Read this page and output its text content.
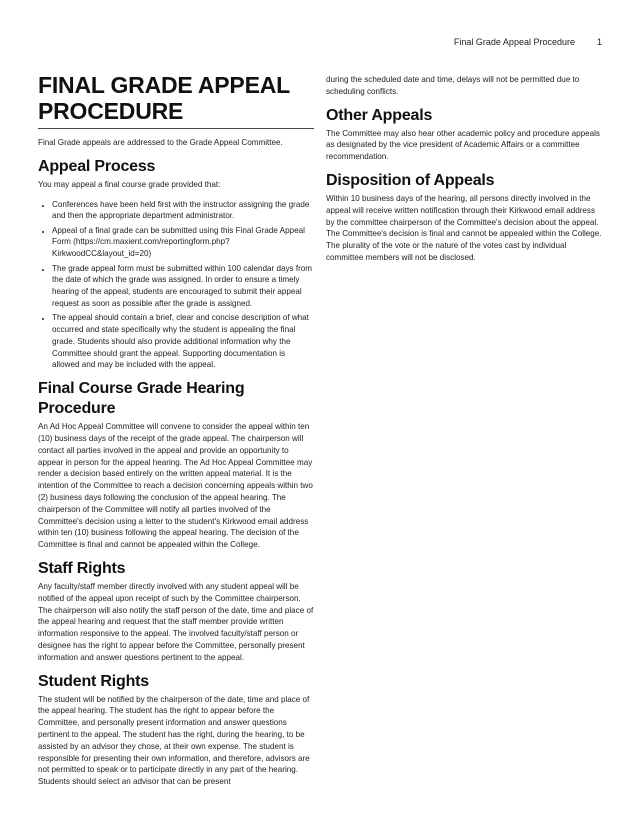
Final Grade Appeal Procedure 1
FINAL GRADE APPEAL PROCEDURE

Final Grade appeals are addressed to the Grade Appeal Committee.

Appeal Process

You may appeal a final course grade provided that:

• Conferences have been held first with the instructor assigning the grade and then the appropriate department administrator.
• Appeal of a final grade can be submitted using this Final Grade Appeal Form (https://cm.maxient.com/reportingform.php?KirkwoodCC&layout_id=20)
• The grade appeal form must be submitted within 100 calendar days from the date of which the grade was assigned. In order to ensure a timely hearing of the appeal, students are encouraged to submit their appeal request as soon as possible after the grade is assigned.
• The appeal should contain a brief, clear and concise description of what occurred and state specifically why the student is appealing the final grade. Students should also provide additional information why the Committee should grant the appeal. Supporting documentation is allowed and may be included with the appeal.
Final Course Grade Hearing Procedure

An Ad Hoc Appeal Committee will convene to consider the appeal within ten (10) business days of the receipt of the grade appeal. The chairperson will contact all parties involved in the appeal and provide an opportunity to appear in person for the appeal hearing. The Ad Hoc Appeal Committee may render a decision based entirely on the written appeal material. It is the intention of the Committee to reach a decision concerning appeals within two (2) business days following the conclusion of the appeal hearing. The chairperson of the Committee will notify all parties involved of the Committee's decision using a letter to the student's Kirkwood email address within ten (10) business following the appeal hearing. The decision of the Committee is final and cannot be appealed within the College.

Staff Rights

Any faculty/staff member directly involved with any student appeal will be notified of the appeal upon receipt of such by the Committee chairperson. The chairperson will also notify the staff person of the date, time and place of the appeal hearing and request that the staff member provide written information responsive to the appeal. The involved faculty/staff person or designee has the right to appear before the Committee, personally present information and answer questions pertinent to the appeal.

Student Rights

The student will be notified by the chairperson of the date, time and place of the appeal hearing. The student has the right to appear before the Committee, and personally present information and answer questions pertinent to the appeal. The student has the right, during the hearing, to be assisted by an advisor they chose, at their own expense. The student is responsible for presenting their own information, and therefore, advisors are not permitted to speak or to participate directly in any part of the hearing. Students should select an advisor that can be present

during the scheduled date and time, delays will not be permitted due to scheduling conflicts.

Other Appeals

The Committee may also hear other academic policy and procedure appeals as designated by the vice president of Academic Affairs or a committee recommendation.

Disposition of Appeals

Within 10 business days of the hearing, all persons directly involved in the appeal will receive written notification through their Kirkwood email address by the committee chairperson of the Committee's decision about the appeal. The Committee's decision is final and cannot be appealed within the College. The plurality of the vote or the nature of the votes cast by individual committee members will not be disclosed.
